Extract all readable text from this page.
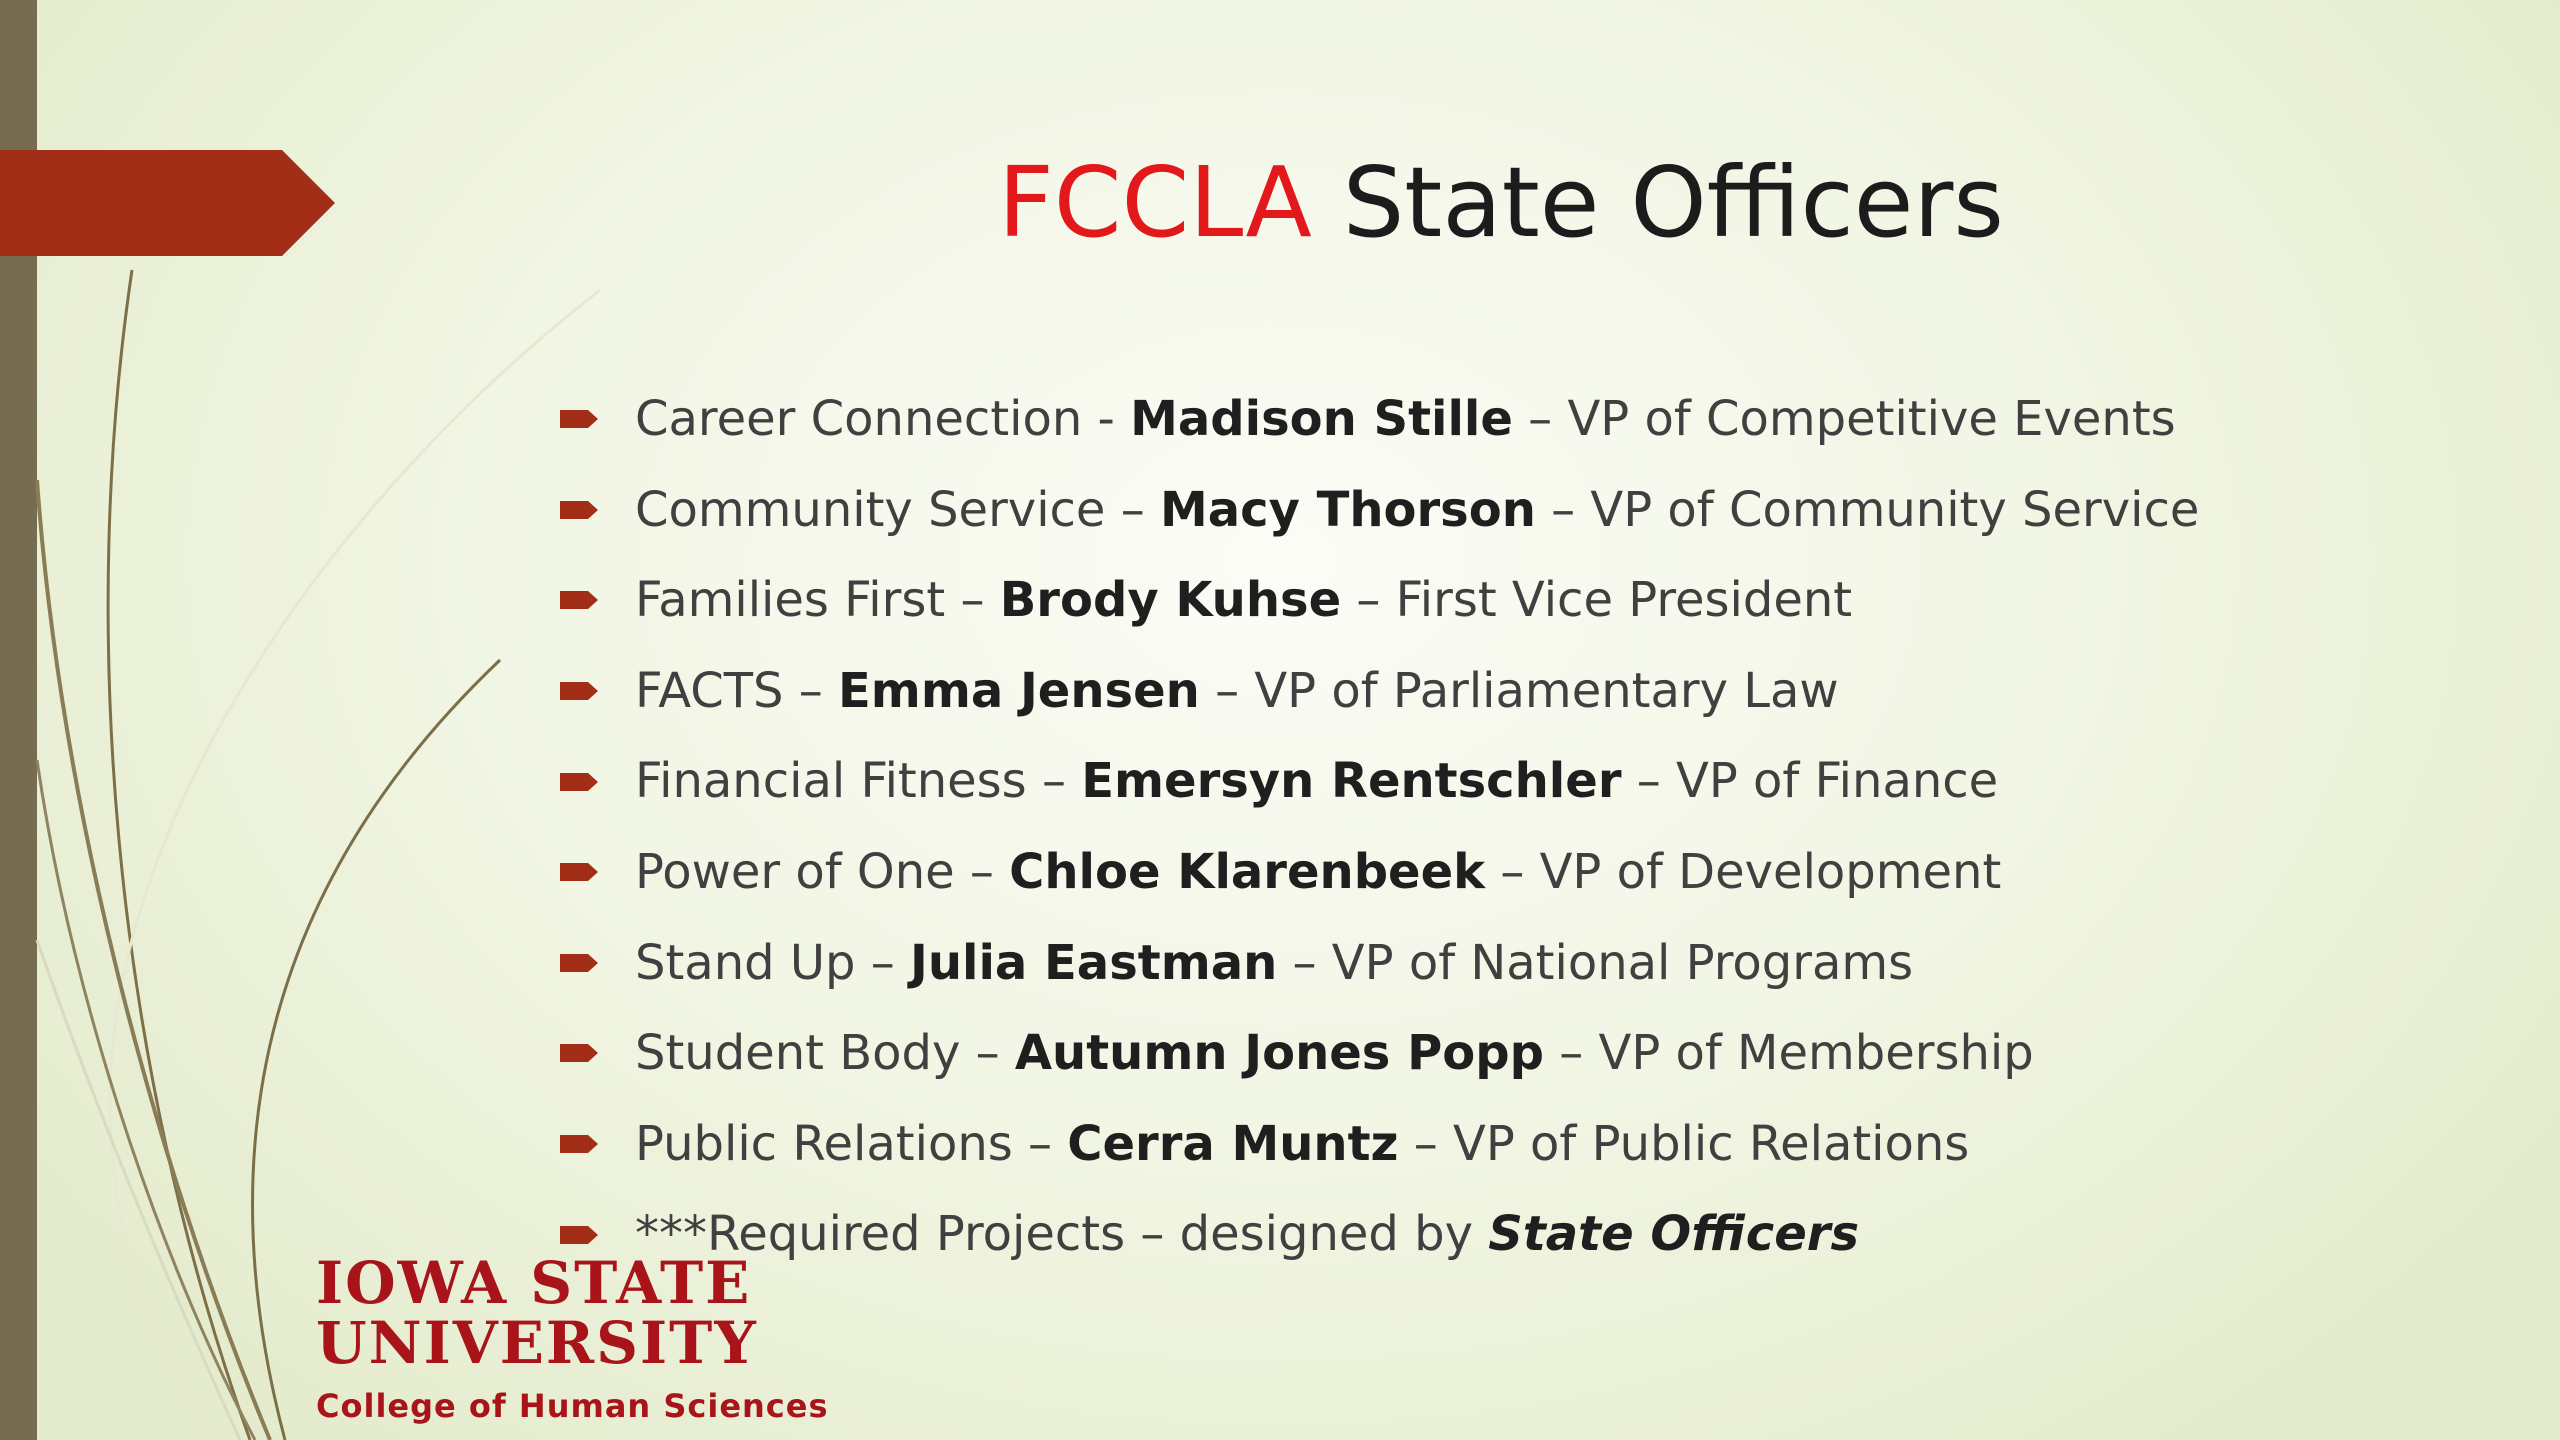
FCCLA State Officers
Career Connection - Madison Stille – VP of Competitive Events
Community Service – Macy Thorson – VP of Community Service
Families First – Brody Kuhse – First Vice President
FACTS – Emma Jensen – VP of Parliamentary Law
Financial Fitness – Emersyn Rentschler – VP of Finance
Power of One – Chloe Klarenbeek – VP of Development
Stand Up – Julia Eastman – VP of National Programs
Student Body – Autumn Jones Popp – VP of Membership
Public Relations – Cerra Muntz – VP of Public Relations
***Required Projects – designed by State Officers
IOWA STATE
UNIVERSITY
College of Human Sciences
